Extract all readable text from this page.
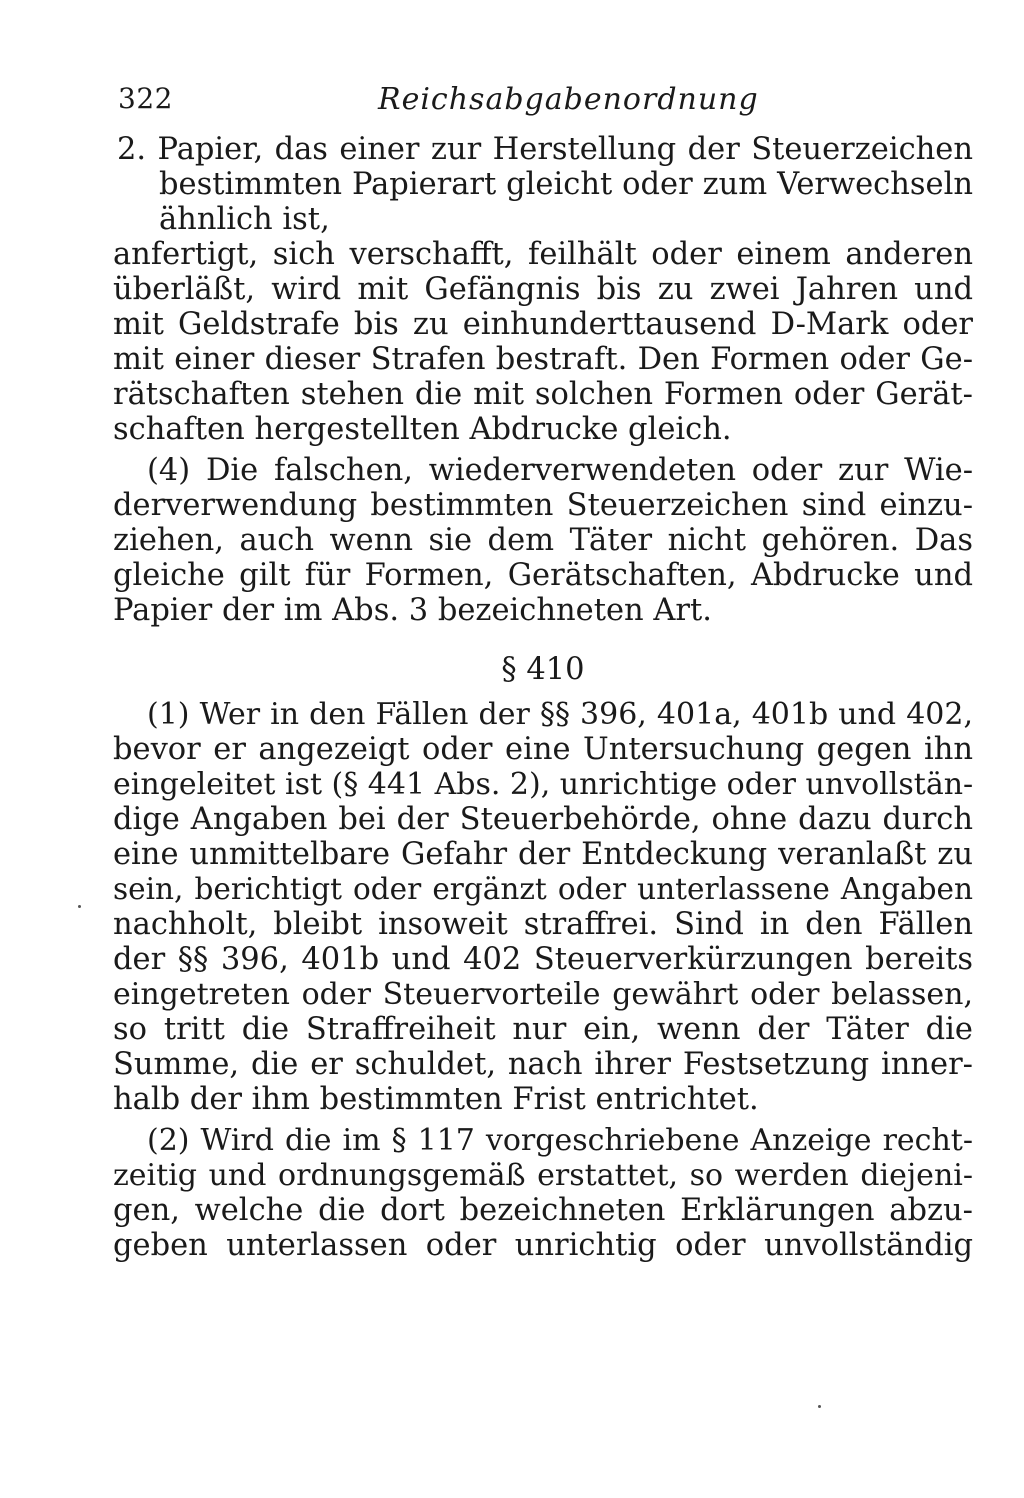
322	Reichsabgabenordnung
2. Papier, das einer zur Herstellung der Steuerzeichen
bestimmten Papierart gleicht oder zum Verwechseln
ähnlich ist,
anfertigt, sich verschafft, feilhält oder einem anderen
überläßt, wird mit Gefängnis bis zu zwei Jahren und
mit Geldstrafe bis zu einhunderttausend D-Mark oder
mit einer dieser Strafen bestraft. Den Formen oder Ge-
rätschaften stehen die mit solchen Formen oder Gerät-
schaften hergestellten Abdrucke gleich.
(4) Die falschen, wiederverwendeten oder zur Wie-
derverwendung bestimmten Steuerzeichen sind einzu-
ziehen, auch wenn sie dem Täter nicht gehören. Das
gleiche gilt für Formen, Gerätschaften, Abdrucke und
Papier der im Abs. 3 bezeichneten Art.
§ 410
(1) Wer in den Fällen der §§ 396, 401a, 401b und 402,
bevor er angezeigt oder eine Untersuchung gegen ihn
eingeleitet ist (§ 441 Abs. 2), unrichtige oder unvollstän-
dige Angaben bei der Steuerbehörde, ohne dazu durch
eine unmittelbare Gefahr der Entdeckung veranlaßt zu
sein, berichtigt oder ergänzt oder unterlassene Angaben
nachholt, bleibt insoweit straffrei. Sind in den Fällen
der §§ 396, 401b und 402 Steuerverkürzungen bereits
eingetreten oder Steuervorteile gewährt oder belassen,
so tritt die Straffreiheit nur ein, wenn der Täter die
Summe, die er schuldet, nach ihrer Festsetzung inner-
halb der ihm bestimmten Frist entrichtet.
(2) Wird die im § 117 vorgeschriebene Anzeige recht-
zeitig und ordnungsgemäß erstattet, so werden diejeni-
gen, welche die dort bezeichneten Erklärungen abzu-
geben unterlassen oder unrichtig oder unvollständig
